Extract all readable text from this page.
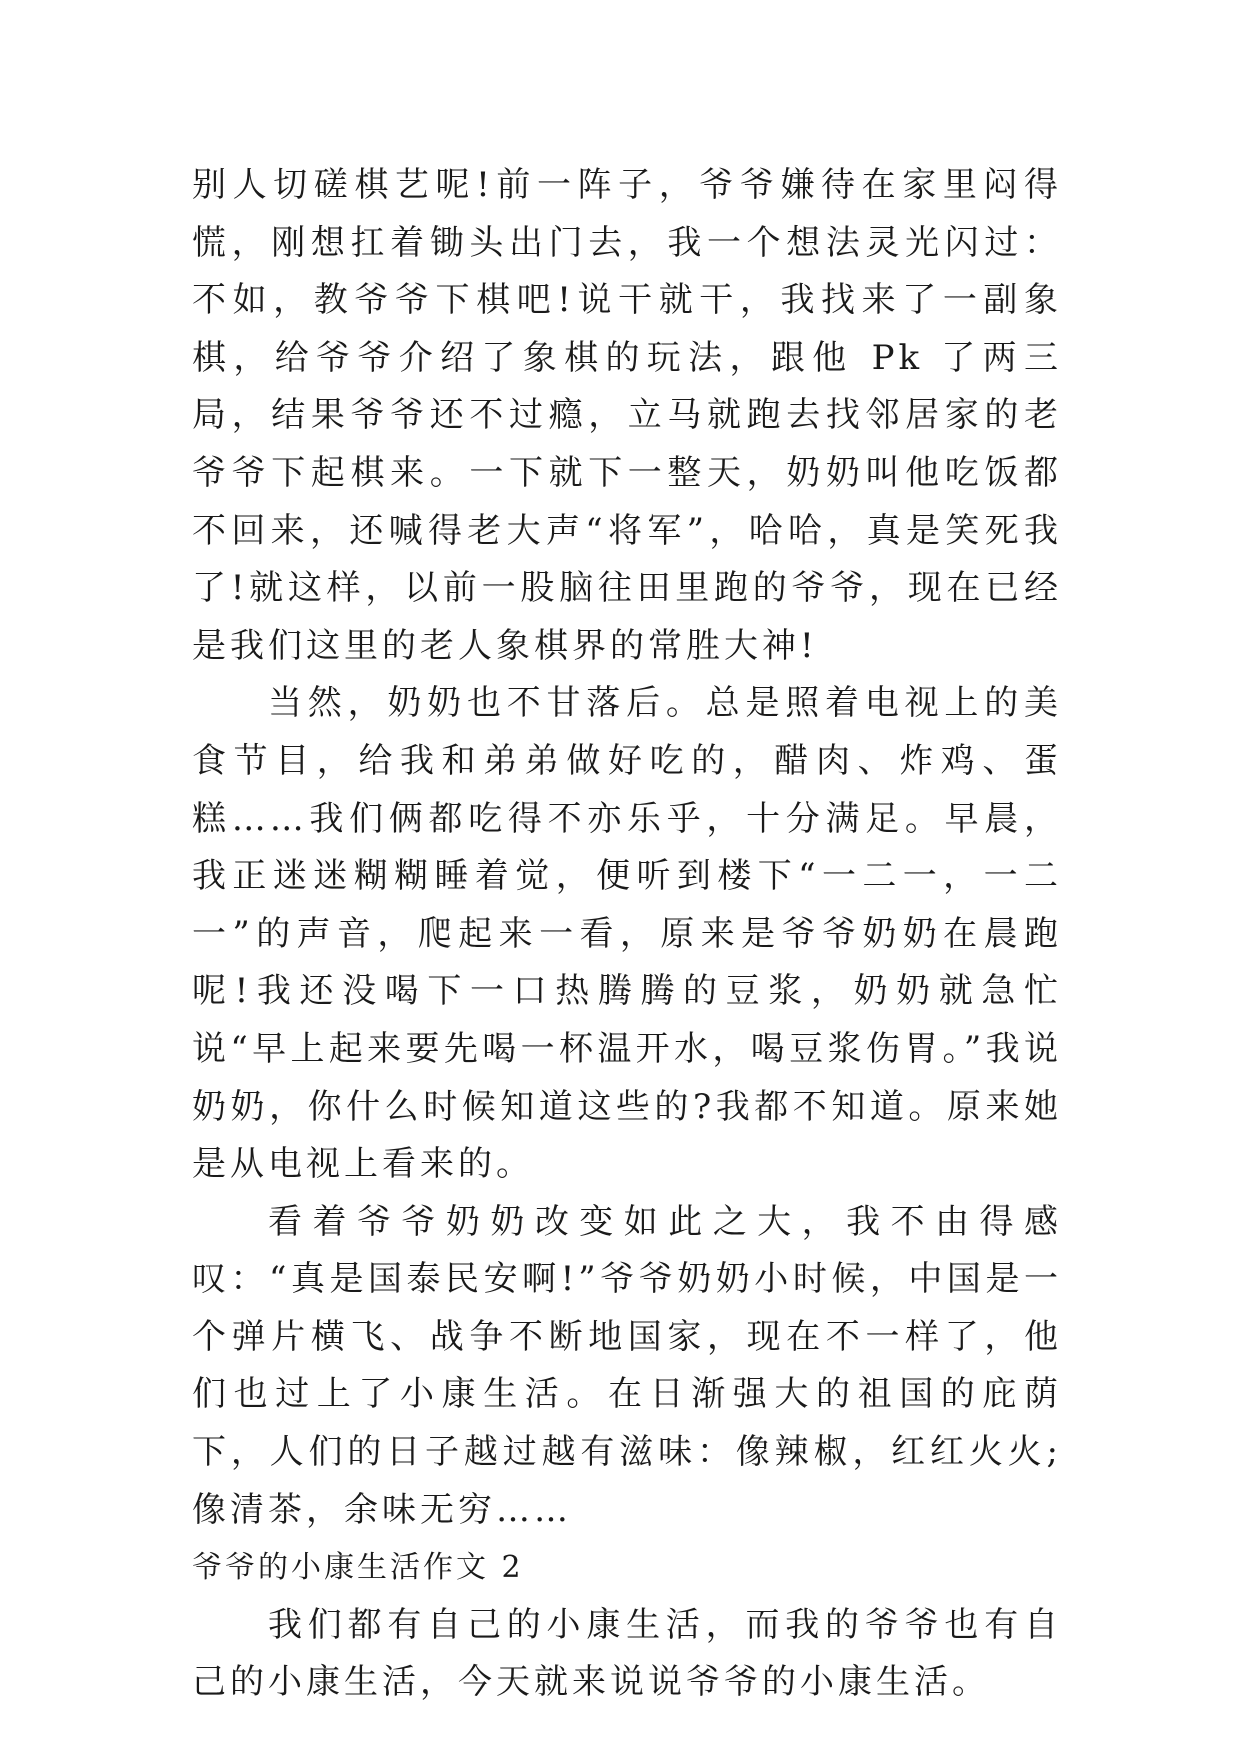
别人切磋棋艺呢!前一阵子，爷爷嫌待在家里闷得慌，刚想扛着锄头出门去，我一个想法灵光闪过：不如，教爷爷下棋吧!说干就干，我找来了一副象棋，给爷爷介绍了象棋的玩法，跟他 Pk 了两三局，结果爷爷还不过瘾，立马就跑去找邻居家的老爷爷下起棋来。一下就下一整天，奶奶叫他吃饭都不回来，还喊得老大声“将军”，哈哈，真是笑死我了!就这样，以前一股脑往田里跑的爷爷，现在已经是我们这里的老人象棋界的常胜大神!

当然，奶奶也不甘落后。总是照着电视上的美食节目，给我和弟弟做好吃的，醋肉、炸鸡、蛋糕……我们俩都吃得不亦乐乎，十分满足。早晨，我正迷迷糊糊睡着觉，便听到楼下“一二一，一二一”的声音，爬起来一看，原来是爷爷奶奶在晨跑呢!我还没喝下一口热腾腾的豆浆，奶奶就急忙说“早上起来要先喝一杯温开水，喝豆浆伤胃。”我说奶奶，你什么时候知道这些的?我都不知道。原来她是从电视上看来的。

看着爷爷奶奶改变如此之大，我不由得感叹：“真是国泰民安啊!”爷爷奶奶小时候，中国是一个弹片横飞、战争不断地国家，现在不一样了，他们也过上了小康生活。在日渐强大的祖国的庇荫下，人们的日子越过越有滋味：像辣椒，红红火火;像清茶，余味无穷……

爷爷的小康生活作文 2

我们都有自己的小康生活，而我的爷爷也有自己的小康生活，今天就来说说爷爷的小康生活。
